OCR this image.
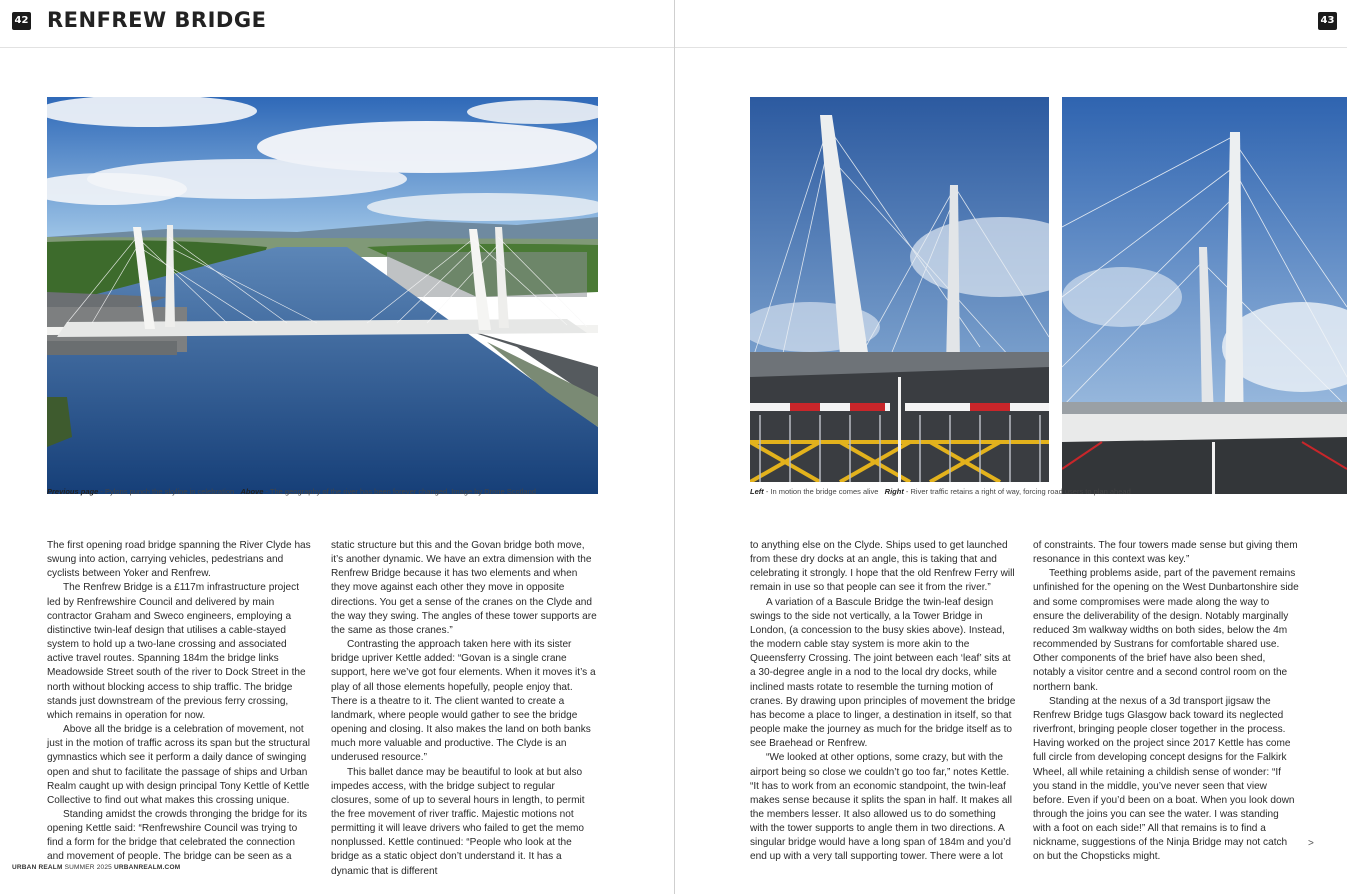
42 RENFREW BRIDGE
Previous page - Pylons punch the skyline in celebration Above - The geography of the river has been forever changed. Image by Drone Scotland

The first opening road bridge spanning the River Clyde has swung into action, carrying vehicles, pedestrians and cyclists between Yoker and Renfrew.

The Renfrew Bridge is a £117m infrastructure project led by Renfrewshire Council and delivered by main contractor Graham and Sweco engineers, employing a distinctive twin-leaf design that utilises a cable-stayed system to hold up a two-lane crossing and associated active travel routes. Spanning 184m the bridge links Meadowside Street south of the river to Dock Street in the north without blocking access to ship traffic. The bridge stands just downstream of the previous ferry crossing, which remains in operation for now.

Above all the bridge is a celebration of movement, not just in the motion of traffic across its span but the structural gymnastics which see it perform a daily dance of swinging open and shut to facilitate the passage of ships and Urban Realm caught up with design principal Tony Kettle of Kettle Collective to find out what makes this crossing unique.

Standing amidst the crowds thronging the bridge for its opening Kettle said: “Renfrewshire Council was trying to find a form for the bridge that celebrated the connection and movement of people. The bridge can be seen as a

static structure but this and the Govan bridge both move, it’s another dynamic. We have an extra dimension with the Renfrew Bridge because it has two elements and when they move against each other they move in opposite directions. You get a sense of the cranes on the Clyde and the way they swing. The angles of these tower supports are the same as those cranes.”

Contrasting the approach taken here with its sister bridge upriver Kettle added: “Govan is a single crane support, here we’ve got four elements. When it moves it’s a play of all those elements hopefully, people enjoy that. There is a theatre to it. The client wanted to create a landmark, where people would gather to see the bridge opening and closing. It also makes the land on both banks much more valuable and productive. The Clyde is an underused resource.”

This ballet dance may be beautiful to look at but also impedes access, with the bridge subject to regular closures, some of up to several hours in length, to permit the free movement of river traffic. Majestic motions not permitting it will leave drivers who failed to get the memo nonplussed. Kettle continued: “People who look at the bridge as a static object don’t understand it. It has a dynamic that is different

URBAN REALM SUMMER 2025 URBANREALM.COM
43
Left - In motion the bridge comes alive Right - River traffic retains a right of way, forcing road users to plan ahead

to anything else on the Clyde. Ships used to get launched from these dry docks at an angle, this is taking that and celebrating it strongly. I hope that the old Renfrew Ferry will remain in use so that people can see it from the river.”

A variation of a Bascule Bridge the twin-leaf design swings to the side not vertically, a la Tower Bridge in London, (a concession to the busy skies above). Instead, the modern cable stay system is more akin to the Queensferry Crossing. The joint between each ‘leaf’ sits at a 30-degree angle in a nod to the local dry docks, while inclined masts rotate to resemble the turning motion of cranes. By drawing upon principles of movement the bridge has become a place to linger, a destination in itself, so that people make the journey as much for the bridge itself as to see Braehead or Renfrew.

“We looked at other options, some crazy, but with the airport being so close we couldn’t go too far,” notes Kettle. “It has to work from an economic standpoint, the twin-leaf makes sense because it splits the span in half. It makes all the members lesser. It also allowed us to do something with the tower supports to angle them in two directions. A singular bridge would have a long span of 184m and you’d end up with a very tall supporting tower. There were a lot

of constraints. The four towers made sense but giving them resonance in this context was key.”

Teething problems aside, part of the pavement remains unfinished for the opening on the West Dunbartonshire side and some compromises were made along the way to ensure the deliverability of the design. Notably marginally reduced 3m walkway widths on both sides, below the 4m recommended by Sustrans for comfortable shared use. Other components of the brief have also been shed, notably a visitor centre and a second control room on the northern bank.

Standing at the nexus of a 3d transport jigsaw the Renfrew Bridge tugs Glasgow back toward its neglected riverfront, bringing people closer together in the process. Having worked on the project since 2017 Kettle has come full circle from developing concept designs for the Falkirk Wheel, all while retaining a childish sense of wonder: “If you stand in the middle, you’ve never seen that view before. Even if you’d been on a boat. When you look down through the joins you can see the water. I was standing with a foot on each side!” All that remains is to find a nickname, suggestions of the Ninja Bridge may not catch on but the Chopsticks might.

>
